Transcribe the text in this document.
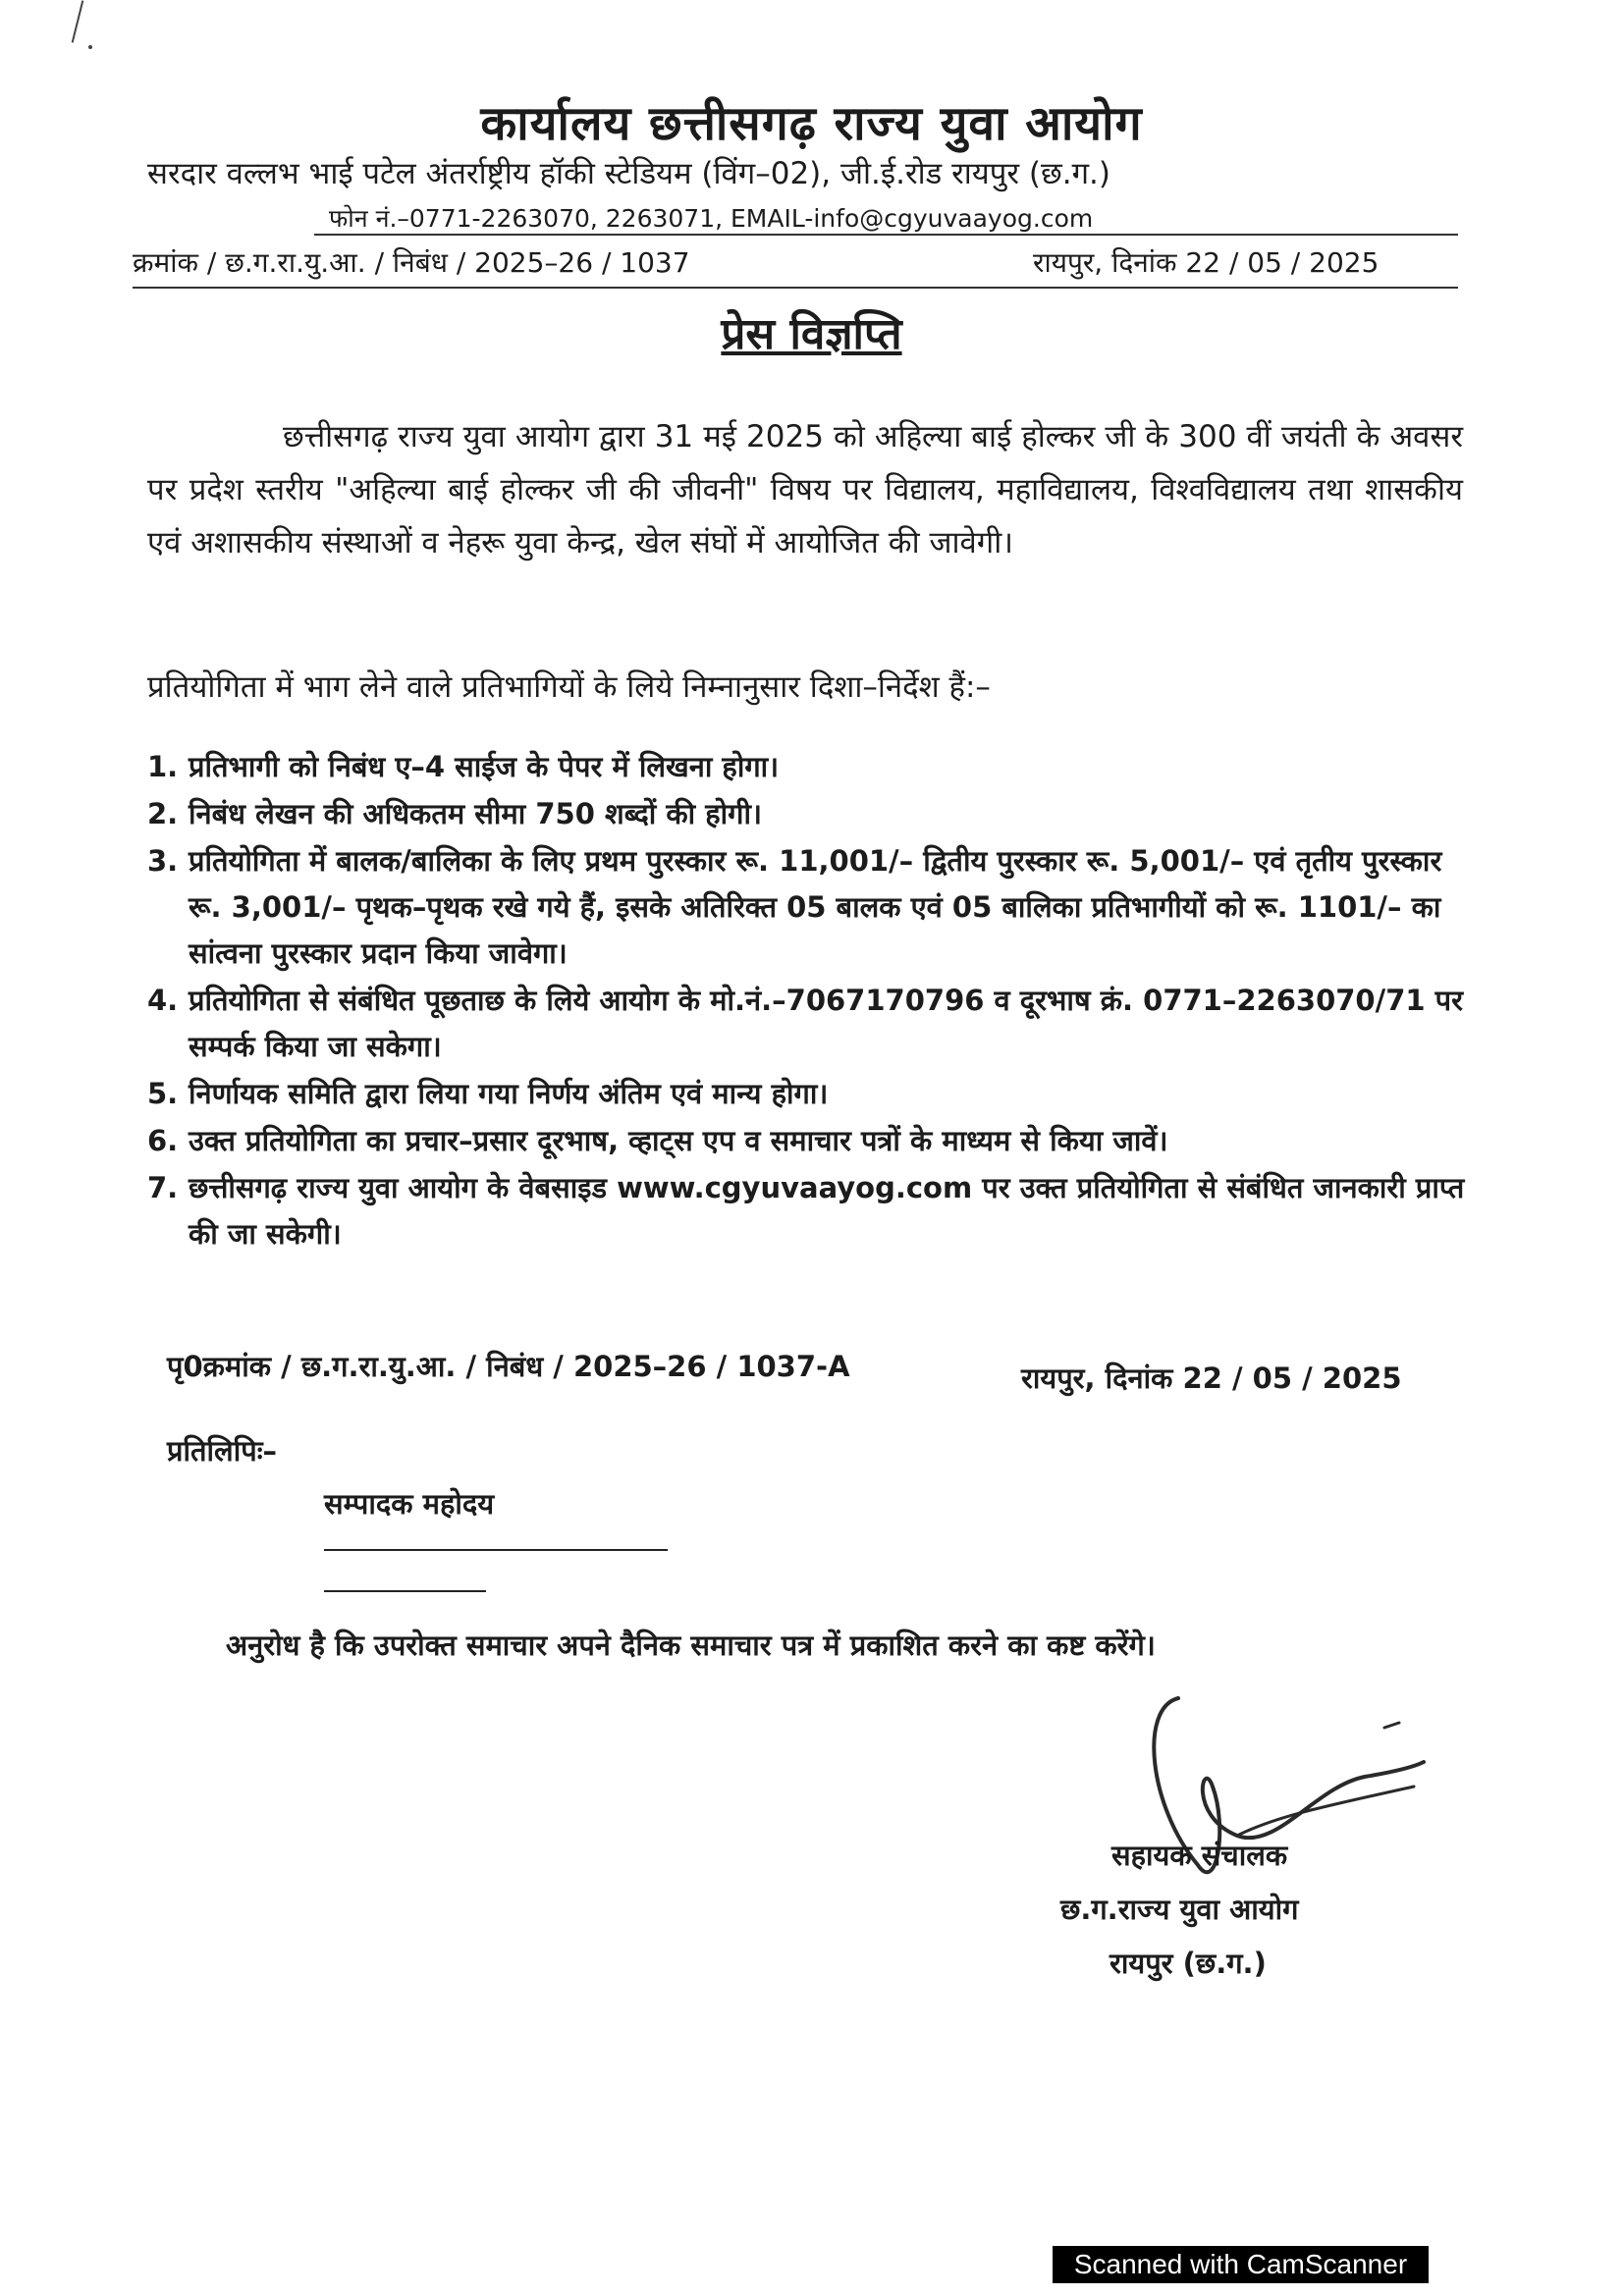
कार्यालय छत्तीसगढ़ राज्य युवा आयोग
सरदार वल्लभ भाई पटेल अंतर्राष्ट्रीय हॉकी स्टेडियम (विंग–02), जी.ई.रोड रायपुर (छ.ग.)
फोन नं.–0771-2263070, 2263071, EMAIL-info@cgyuvaayog.com
क्रमांक / छ.ग.रा.यु.आ. / निबंध / 2025–26 / 1037	रायपुर, दिनांक 22 / 05 / 2025
प्रेस विज्ञप्ति
छत्तीसगढ़ राज्य युवा आयोग द्वारा 31 मई 2025 को अहिल्या बाई होल्कर जी के 300 वीं जयंती के अवसर पर प्रदेश स्तरीय "अहिल्या बाई होल्कर जी की जीवनी" विषय पर विद्यालय, महाविद्यालय, विश्वविद्यालय तथा शासकीय एवं अशासकीय संस्थाओं व नेहरू युवा केन्द्र, खेल संघों में आयोजित की जावेगी।
प्रतियोगिता में भाग लेने वाले प्रतिभागियों के लिये निम्नानुसार दिशा–निर्देश हैं:–
1. प्रतिभागी को निबंध ए–4 साईज के पेपर में लिखना होगा।
2. निबंध लेखन की अधिकतम सीमा 750 शब्दों की होगी।
3. प्रतियोगिता में बालक/बालिका के लिए प्रथम पुरस्कार रू. 11,001/– द्वितीय पुरस्कार रू. 5,001/– एवं तृतीय पुरस्कार रू. 3,001/– पृथक–पृथक रखे गये हैं, इसके अतिरिक्त 05 बालक एवं 05 बालिका प्रतिभागीयों को रू. 1101/– का सांत्वना पुरस्कार प्रदान किया जावेगा।
4. प्रतियोगिता से संबंधित पूछताछ के लिये आयोग के मो.नं.–7067170796 व दूरभाष क्रं. 0771–2263070/71 पर सम्पर्क किया जा सकेगा।
5. निर्णायक समिति द्वारा लिया गया निर्णय अंतिम एवं मान्य होगा।
6. उक्त प्रतियोगिता का प्रचार–प्रसार दूरभाष, व्हाट्स एप व समाचार पत्रों के माध्यम से किया जावें।
7. छत्तीसगढ़ राज्य युवा आयोग के वेबसाइड www.cgyuvaayog.com पर उक्त प्रतियोगिता से संबंधित जानकारी प्राप्त की जा सकेगी।
पृ0क्रमांक / छ.ग.रा.यु.आ. / निबंध / 2025–26 / 1037-A	रायपुर, दिनांक 22 / 05 / 2025
प्रतिलिपिः–
सम्पादक महोदय
अनुरोध है कि उपरोक्त समाचार अपने दैनिक समाचार पत्र में प्रकाशित करने का कष्ट करेंगे।
सहायक संचालक
छ.ग.राज्य युवा आयोग
रायपुर (छ.ग.)
Scanned with CamScanner
